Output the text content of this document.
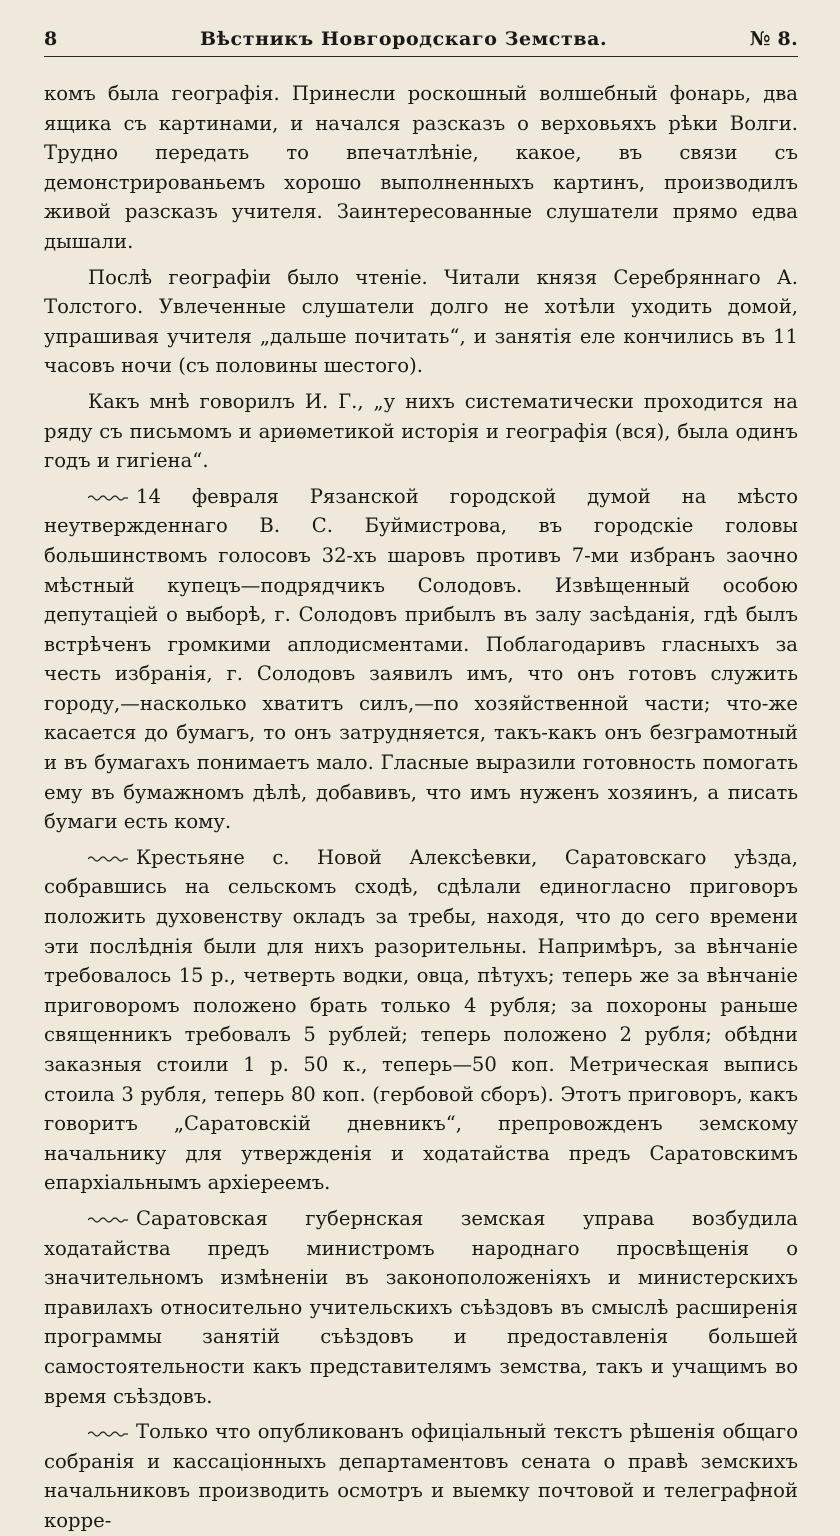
8	Вѣстникъ Новгородскаго Земства.	№ 8.

комъ была географія. Принесли роскошный волшебный фонарь, два ящика съ картинами, и начался разсказъ о верховьяхъ рѣки Волги. Трудно передать то впечатлѣніе, какое, въ связи съ демонстрированьемъ хорошо выполненныхъ картинъ, производилъ живой разсказъ учителя. Заинтересованные слушатели прямо едва дышали.

Послѣ географіи было чтеніе. Читали князя Серебряннаго А. Толстого. Увлеченные слушатели долго не хотѣли уходить домой, упрашивая учителя „дальше почитать“, и занятія еле кончились въ 11 часовъ ночи (съ половины шестого).

Какъ мнѣ говорилъ И. Г., „у нихъ систематически проходится на ряду съ письмомъ и ариѳметикой исторія и географія (вся), была одинъ годъ и гигіена“.

14 февраля Рязанской городской думой на мѣсто неутвержденнаго В. С. Буймистрова, въ городскіе головы большинствомъ голосовъ 32-хъ шаровъ противъ 7-ми избранъ заочно мѣстный купецъ—подрядчикъ Солодовъ. Извѣщенный особою депутаціей о выборѣ, г. Солодовъ прибылъ въ залу засѣданія, гдѣ былъ встрѣченъ громкими аплодисментами. Поблагодаривъ гласныхъ за честь избранія, г. Солодовъ заявилъ имъ, что онъ готовъ служить городу,—насколько хватитъ силъ,—по хозяйственной части; что-же касается до бумагъ, то онъ затрудняется, такъ-какъ онъ безграмотный и въ бумагахъ понимаетъ мало. Гласные выразили готовность помогать ему въ бумажномъ дѣлѣ, добавивъ, что имъ нуженъ хозяинъ, а писать бумаги есть кому.

Крестьяне с. Новой Алексѣевки, Саратовскаго уѣзда, собравшись на сельскомъ сходѣ, сдѣлали единогласно приговоръ положить духовенству окладъ за требы, находя, что до сего времени эти послѣднія были для нихъ разорительны. Напримѣръ, за вѣнчаніе требовалось 15 р., четверть водки, овца, пѣтухъ; теперь же за вѣнчаніе приговоромъ положено брать только 4 рубля; за похороны раньше священникъ требовалъ 5 рублей; теперь положено 2 рубля; обѣдни заказныя стоили 1 р. 50 к., теперь—50 коп. Метрическая выпись стоила 3 рубля, теперь 80 коп. (гербовой сборъ). Этотъ приговоръ, какъ говоритъ „Саратовскій дневникъ“, препровожденъ земскому начальнику для утвержденія и ходатайства предъ Саратовскимъ епархіальнымъ архіереемъ.

Саратовская губернская земская управа возбудила ходатайства предъ министромъ народнаго просвѣщенія о значительномъ измѣненіи въ законоположеніяхъ и министерскихъ правилахъ относительно учительскихъ съѣздовъ въ смыслѣ расширенія программы занятій съѣздовъ и предоставленія большей самостоятельности какъ представителямъ земства, такъ и учащимъ во время съѣздовъ.

Только что опубликованъ офиціальный текстъ рѣшенія общаго собранія и кассаціонныхъ департаментовъ сената о правѣ земскихъ начальниковъ производить осмотръ и выемку почтовой и телеграфной корре-
